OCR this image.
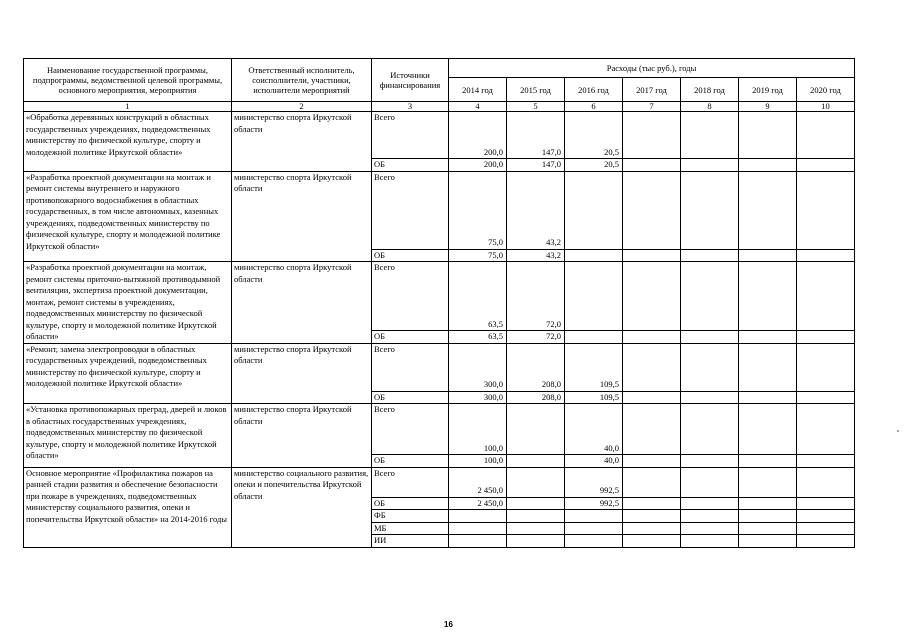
Наименование государственной программы, подпрограммы, ведомственной целевой программы, основного мероприятия, мероприятия	Ответственный исполнитель, соисполнители, участники, исполнители мероприятий	Источники финансирования	Расходы (тыс руб.), годы						
			2014 год	2015 год	2016 год	2017 год	2018 год	2019 год	2020 год
1	2	3	4	5	6	7	8	9	10
«Обработка деревянных конструкций в областных государственных учреждениях, подведомственных министерству по физической культуре, спорту и молодежной политике Иркутской области»	министерство спорта Иркутской области	Всего	200,0	147,0	20,5				
		ОБ	200,0	147,0	20,5				
«Разработка проектной документации на монтаж и ремонт системы внутреннего и наружного противопожарного водоснабжения в областных государственных, в том числе автономных, казенных учреждениях, подведомственных министерству по физической культуре, спорту и молодежной политике Иркутской области»	министерство спорта Иркутской области	Всего	75,0	43,2					
		ОБ	75,0	43,2					
«Разработка проектной документации на монтаж, ремонт системы приточно-вытяжной противодымной вентиляции, экспертиза проектной документации, монтаж, ремонт системы в учреждениях, подведомственных министерству по физической культуре, спорту и молодежной политике Иркутской области»	министерство спорта Иркутской области	Всего	63,5	72,0					
		ОБ	63,5	72,0					
«Ремонт, замена электропроводки в областных государственных учреждений, подведомственных министерству по физической культуре, спорту и молодежной политике Иркутской области»	министерство спорта Иркутской области	Всего	300,0	208,0	109,5				
		ОБ	300,0	208,0	109,5				
«Установка противопожарных преград, дверей и люков в областных государственных учреждениях, подведомственных министерству по физической культуре, спорту и молодежной политике Иркутской области»	министерство спорта Иркутской области	Всего	100,0		40,0				
		ОБ	100,0		40,0				
Основное мероприятие «Профилактика пожаров на ранней стадии развития и обеспечение безопасности при пожаре в учреждениях, подведомственных министерству социального развития, опеки и попечительства Иркутской области» на 2014-2016 годы	министерство социального развития, опеки и попечительства Иркутской области	Всего	2 450,0		992,5				
		ОБ	2 450,0		992,5				
		ФБ							
		МБ							
		ИИ							
16
